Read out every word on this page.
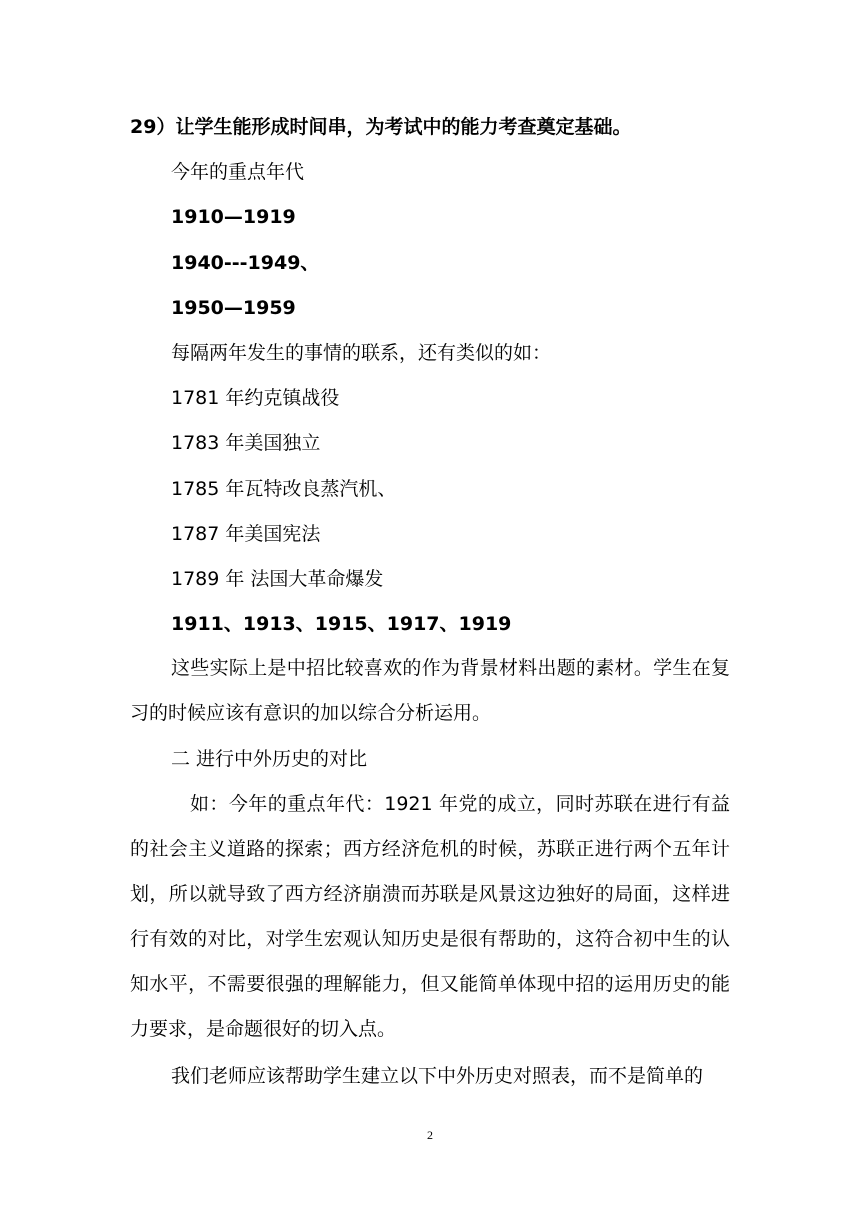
29）让学生能形成时间串，为考试中的能力考查奠定基础。
今年的重点年代
1910—1919
1940---1949、
1950—1959
每隔两年发生的事情的联系，还有类似的如：
1781 年约克镇战役
1783 年美国独立
1785 年瓦特改良蒸汽机、
1787 年美国宪法
1789 年 法国大革命爆发
1911、1913、1915、1917、1919
这些实际上是中招比较喜欢的作为背景材料出题的素材。学生在复习的时候应该有意识的加以综合分析运用。
二 进行中外历史的对比
如：今年的重点年代：1921 年党的成立，同时苏联在进行有益的社会主义道路的探索；西方经济危机的时候，苏联正进行两个五年计划，所以就导致了西方经济崩溃而苏联是风景这边独好的局面，这样进行有效的对比，对学生宏观认知历史是很有帮助的，这符合初中生的认知水平，不需要很强的理解能力，但又能简单体现中招的运用历史的能力要求，是命题很好的切入点。
我们老师应该帮助学生建立以下中外历史对照表，而不是简单的
2
